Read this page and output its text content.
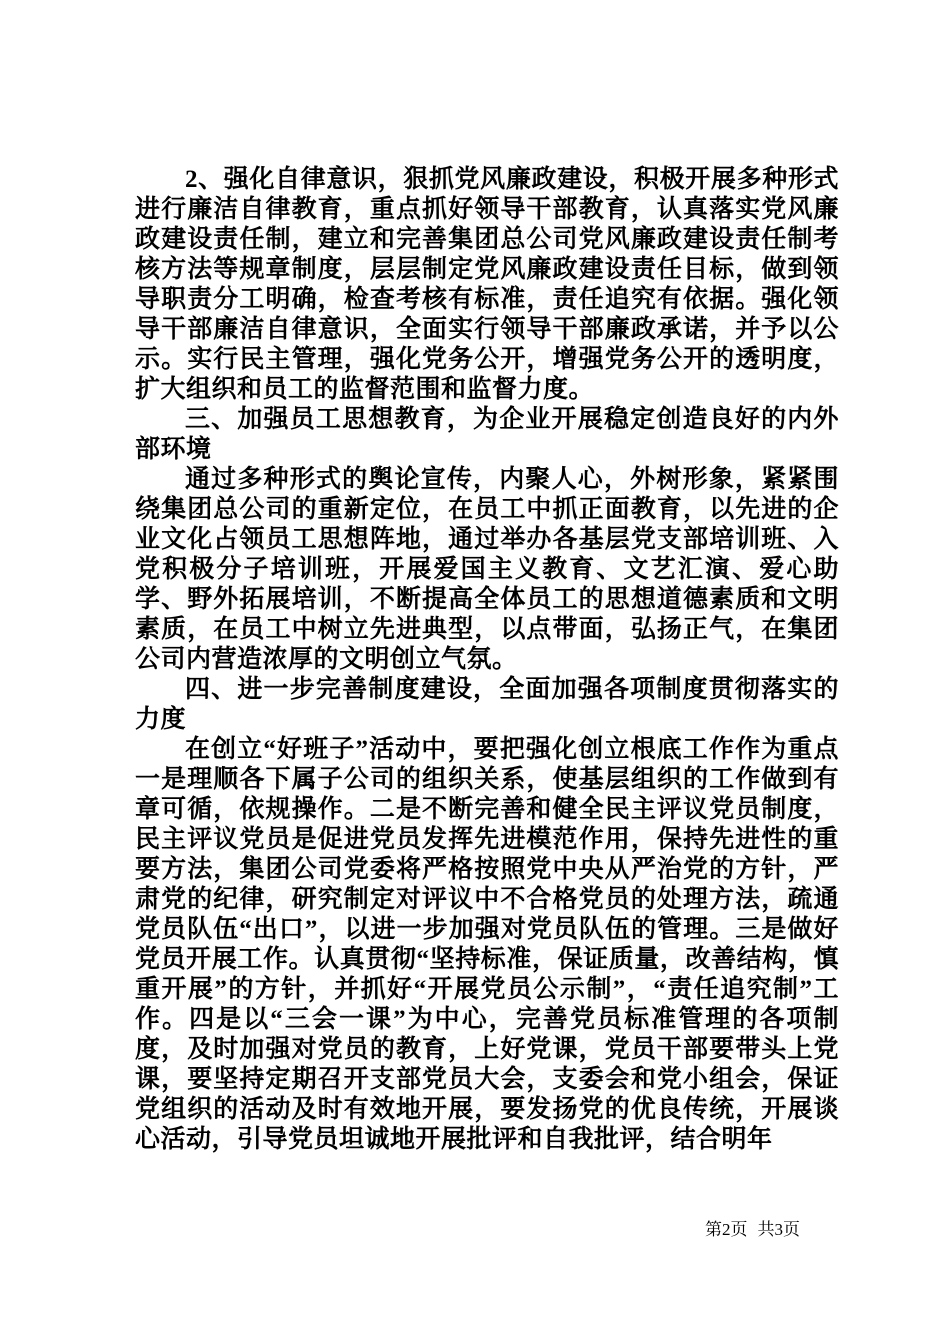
2、强化自律意识，狠抓党风廉政建设，积极开展多种形式进行廉洁自律教育，重点抓好领导干部教育，认真落实党风廉政建设责任制，建立和完善集团总公司党风廉政建设责任制考核方法等规章制度，层层制定党风廉政建设责任目标，做到领导职责分工明确，检查考核有标准，责任追究有依据。强化领导干部廉洁自律意识，全面实行领导干部廉政承诺，并予以公示。实行民主管理，强化党务公开，增强党务公开的透明度，扩大组织和员工的监督范围和监督力度。

三、加强员工思想教育，为企业开展稳定创造良好的内外部环境

通过多种形式的舆论宣传，内聚人心，外树形象，紧紧围绕集团总公司的重新定位，在员工中抓正面教育，以先进的企业文化占领员工思想阵地，通过举办各基层党支部培训班、入党积极分子培训班，开展爱国主义教育、文艺汇演、爱心助学、野外拓展培训，不断提高全体员工的思想道德素质和文明素质，在员工中树立先进典型，以点带面，弘扬正气，在集团公司内营造浓厚的文明创立气氛。

四、进一步完善制度建设，全面加强各项制度贯彻落实的力度

在创立“好班子”活动中，要把强化创立根底工作作为重点一是理顺各下属子公司的组织关系，使基层组织的工作做到有章可循，依规操作。二是不断完善和健全民主评议党员制度，民主评议党员是促进党员发挥先进模范作用，保持先进性的重要方法，集团公司党委将严格按照党中央从严治党的方针，严肃党的纪律，研究制定对评议中不合格党员的处理方法，疏通党员队伍“出口”，以进一步加强对党员队伍的管理。三是做好党员开展工作。认真贯彻“坚持标准，保证质量，改善结构，慎重开展”的方针，并抓好“开展党员公示制”，“责任追究制”工作。四是以“三会一课”为中心，完善党员标准管理的各项制度，及时加强对党员的教育，上好党课，党员干部要带头上党课，要坚持定期召开支部党员大会，支委会和党小组会，保证党组织的活动及时有效地开展，要发扬党的优良传统，开展谈心活动，引导党员坦诚地开展批评和自我批评，结合明年

第2页 共3页
